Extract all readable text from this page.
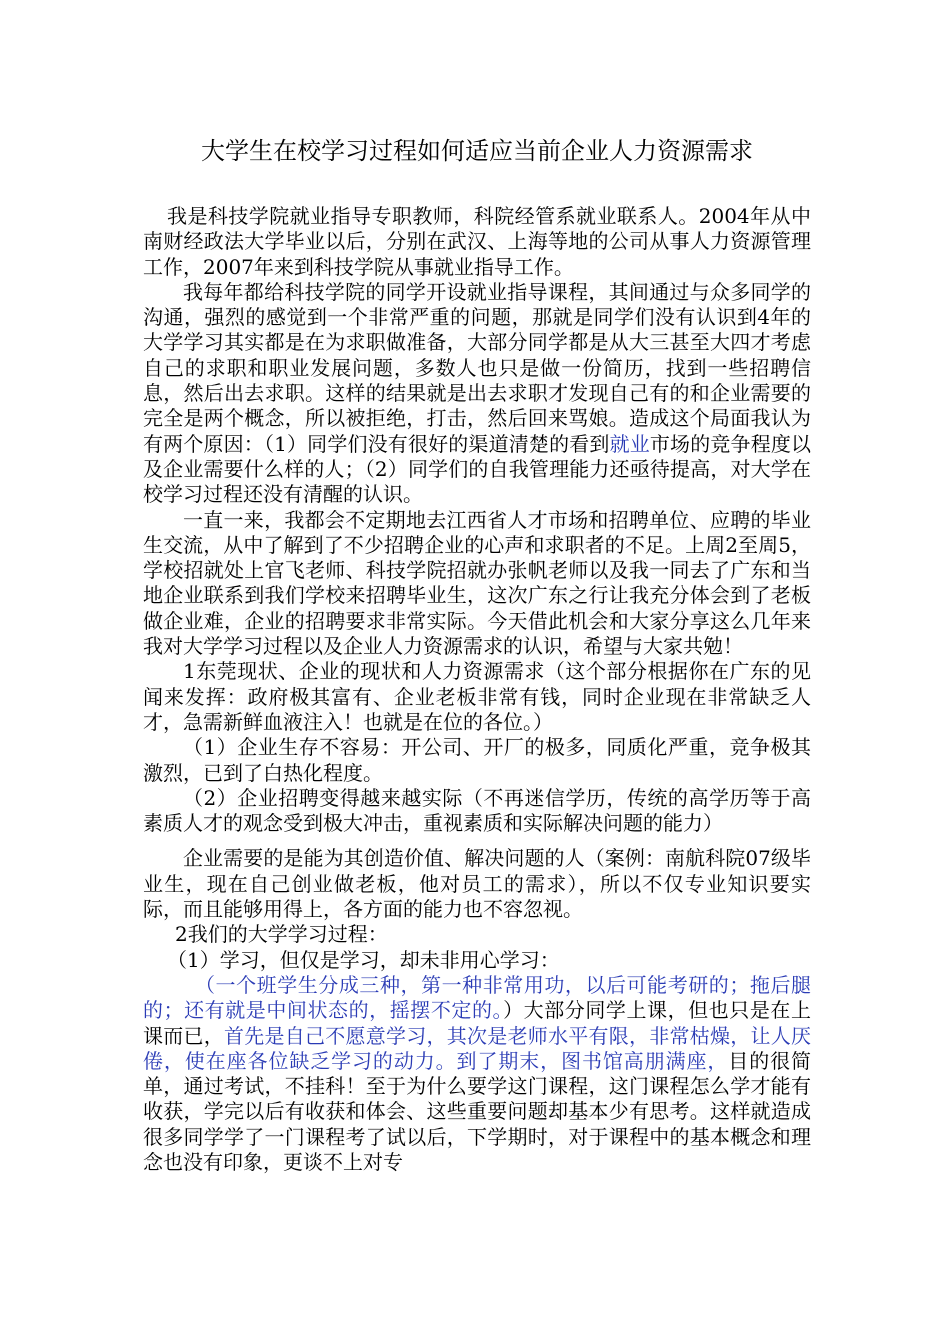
大学生在校学习过程如何适应当前企业人力资源需求

我是科技学院就业指导专职教师，科院经管系就业联系人。2004年从中南财经政法大学毕业以后，分别在武汉、上海等地的公司从事人力资源管理工作，2007年来到科技学院从事就业指导工作。

我每年都给科技学院的同学开设就业指导课程，其间通过与众多同学的沟通，强烈的感觉到一个非常严重的问题，那就是同学们没有认识到4年的大学学习其实都是在为求职做准备，大部分同学都是从大三甚至大四才考虑自己的求职和职业发展问题，多数人也只是做一份简历，找到一些招聘信息，然后出去求职。这样的结果就是出去求职才发现自己有的和企业需要的完全是两个概念，所以被拒绝，打击，然后回来骂娘。造成这个局面我认为有两个原因：（1）同学们没有很好的渠道清楚的看到就业市场的竞争程度以及企业需要什么样的人；（2）同学们的自我管理能力还亟待提高，对大学在校学习过程还没有清醒的认识。

一直一来，我都会不定期地去江西省人才市场和招聘单位、应聘的毕业生交流，从中了解到了不少招聘企业的心声和求职者的不足。上周2至周5，学校招就处上官飞老师、科技学院招就办张帆老师以及我一同去了广东和当地企业联系到我们学校来招聘毕业生，这次广东之行让我充分体会到了老板做企业难，企业的招聘要求非常实际。今天借此机会和大家分享这么几年来我对大学学习过程以及企业人力资源需求的认识，希望与大家共勉！

1东莞现状、企业的现状和人力资源需求（这个部分根据你在广东的见闻来发挥：政府极其富有、企业老板非常有钱，同时企业现在非常缺乏人才，急需新鲜血液注入！也就是在位的各位。）

（1）企业生存不容易：开公司、开厂的极多，同质化严重，竞争极其激烈，已到了白热化程度。

（2）企业招聘变得越来越实际（不再迷信学历，传统的高学历等于高素质人才的观念受到极大冲击，重视素质和实际解决问题的能力）

企业需要的是能为其创造价值、解决问题的人（案例：南航科院07级毕业生，现在自己创业做老板，他对员工的需求），所以不仅专业知识要实际，而且能够用得上，各方面的能力也不容忽视。

2我们的大学学习过程：

（1）学习，但仅是学习，却未非用心学习：

（一个班学生分成三种，第一种非常用功，以后可能考研的；拖后腿的；还有就是中间状态的，摇摆不定的。）大部分同学上课，但也只是在上课而已，首先是自己不愿意学习，其次是老师水平有限，非常枯燥，让人厌倦，使在座各位缺乏学习的动力。到了期末，图书馆高朋满座，目的很简单，通过考试，不挂科！至于为什么要学这门课程，这门课程怎么学才能有收获，学完以后有收获和体会、这些重要问题却基本少有思考。这样就造成很多同学学了一门课程考了试以后，下学期时，对于课程中的基本概念和理念也没有印象，更谈不上对专
